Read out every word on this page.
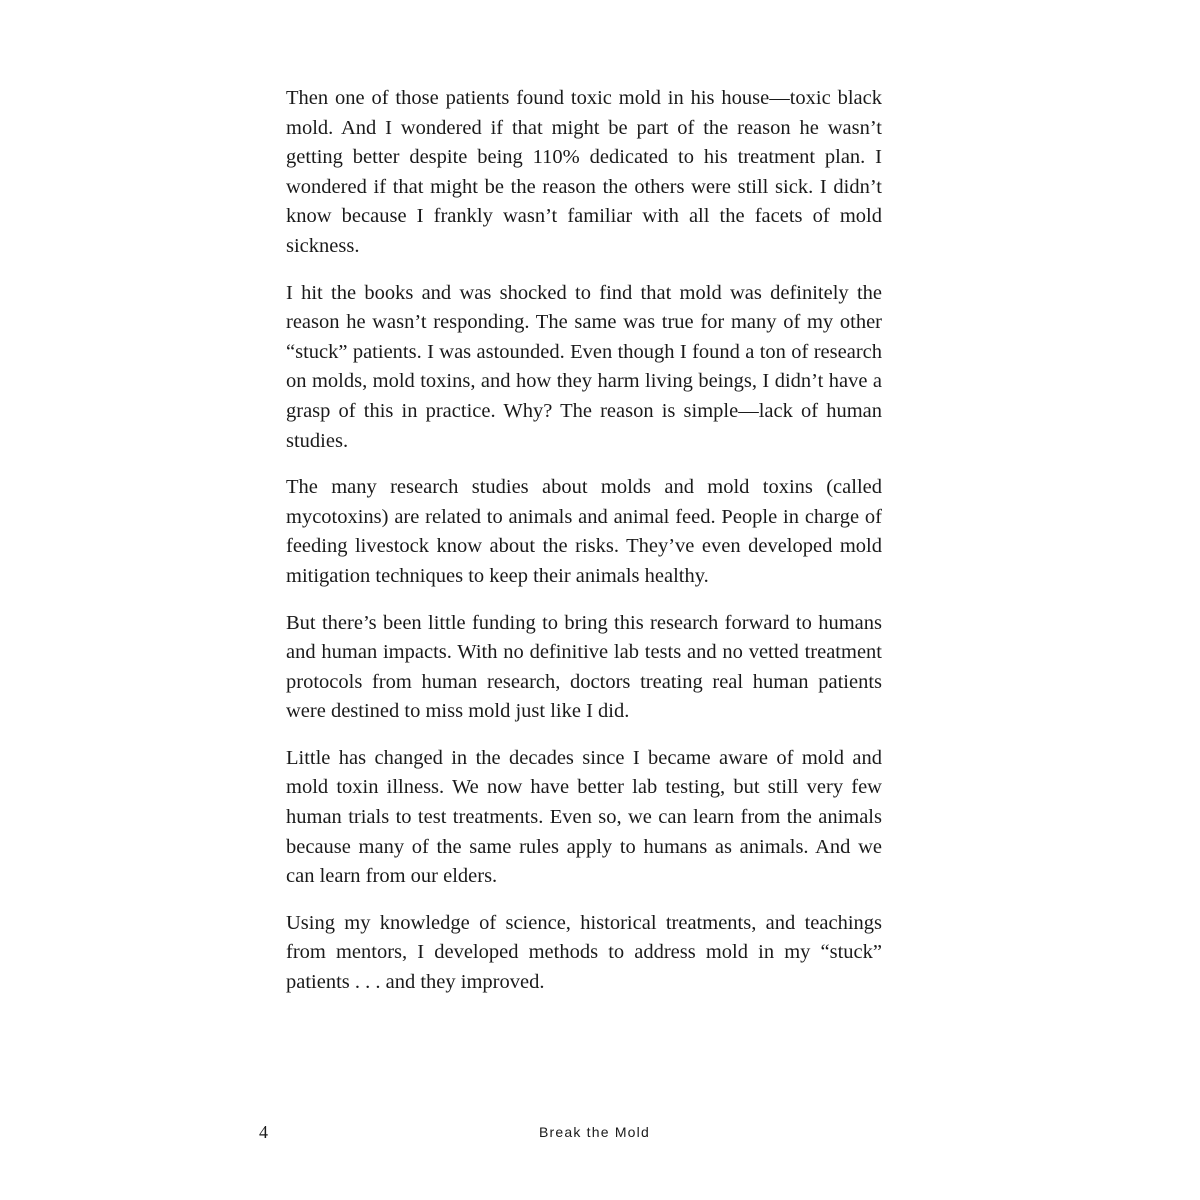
Then one of those patients found toxic mold in his house—toxic black mold. And I wondered if that might be part of the reason he wasn’t getting better despite being 110% dedicated to his treatment plan. I wondered if that might be the reason the others were still sick. I didn’t know because I frankly wasn’t familiar with all the facets of mold sickness.

I hit the books and was shocked to find that mold was definitely the reason he wasn’t responding. The same was true for many of my other “stuck” patients. I was astounded. Even though I found a ton of research on molds, mold toxins, and how they harm living beings, I didn’t have a grasp of this in practice. Why? The reason is simple—lack of human studies.

The many research studies about molds and mold toxins (called mycotoxins) are related to animals and animal feed. People in charge of feeding livestock know about the risks. They’ve even developed mold mitigation techniques to keep their animals healthy.

But there’s been little funding to bring this research forward to humans and human impacts. With no definitive lab tests and no vetted treatment protocols from human research, doctors treating real human patients were destined to miss mold just like I did.

Little has changed in the decades since I became aware of mold and mold toxin illness. We now have better lab testing, but still very few human trials to test treatments. Even so, we can learn from the animals because many of the same rules apply to humans as animals. And we can learn from our elders.

Using my knowledge of science, historical treatments, and teachings from mentors, I developed methods to address mold in my “stuck” patients . . . and they improved.

4	Break the Mold
